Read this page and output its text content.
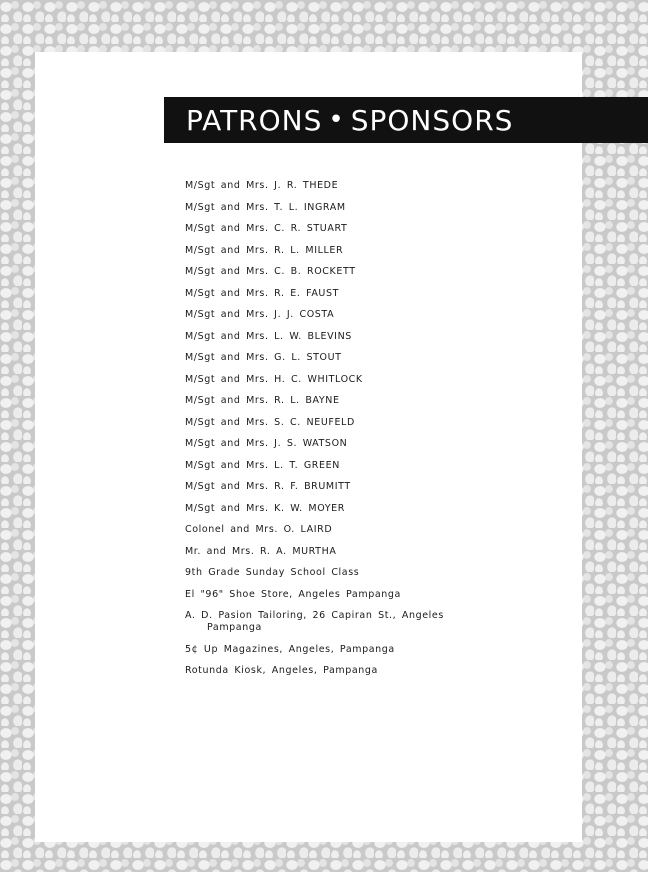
PATRONS • SPONSORS
M/Sgt and Mrs. J. R. THEDE
M/Sgt and Mrs. T. L. INGRAM
M/Sgt and Mrs. C. R. STUART
M/Sgt and Mrs. R. L. MILLER
M/Sgt and Mrs. C. B. ROCKETT
M/Sgt and Mrs. R. E. FAUST
M/Sgt and Mrs. J. J. COSTA
M/Sgt and Mrs. L. W. BLEVINS
M/Sgt and Mrs. G. L. STOUT
M/Sgt and Mrs. H. C. WHITLOCK
M/Sgt and Mrs. R. L. BAYNE
M/Sgt and Mrs. S. C. NEUFELD
M/Sgt and Mrs. J. S. WATSON
M/Sgt and Mrs. L. T. GREEN
M/Sgt and Mrs. R. F. BRUMITT
M/Sgt and Mrs. K. W. MOYER
Colonel and Mrs. O. LAIRD
Mr. and Mrs. R. A. MURTHA
9th Grade Sunday School Class
El "96" Shoe Store, Angeles Pampanga
A. D. Pasion Tailoring, 26 Capiran St., Angeles
Pampanga
5¢ Up Magazines, Angeles, Pampanga
Rotunda Kiosk, Angeles, Pampanga
